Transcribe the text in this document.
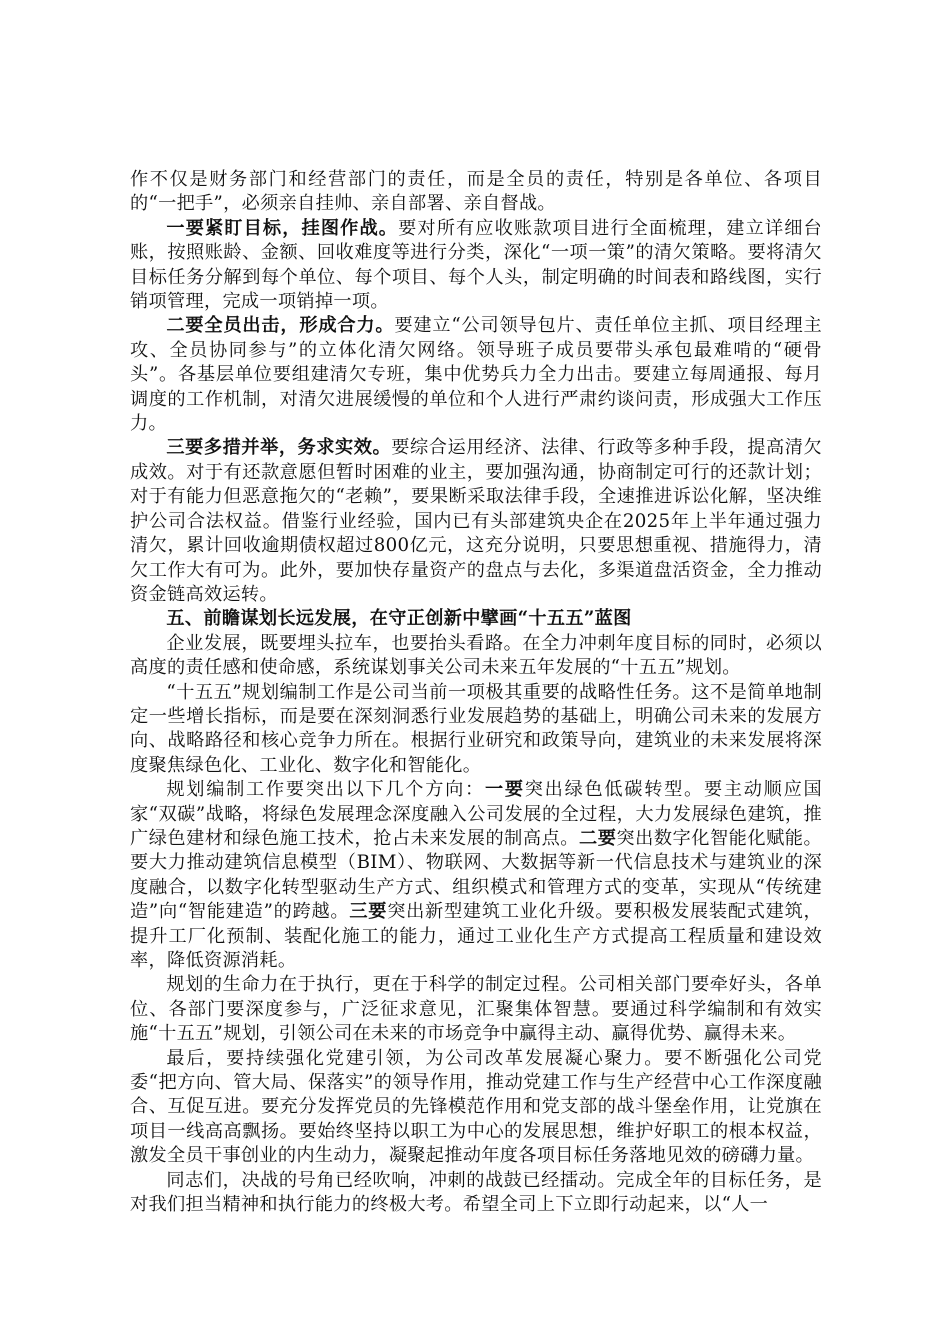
作不仅是财务部门和经营部门的责任，而是全员的责任，特别是各单位、各项目的“一把手”，必须亲自挂帅、亲自部署、亲自督战。

一要紧盯目标，挂图作战。要对所有应收账款项目进行全面梳理，建立详细台账，按照账龄、金额、回收难度等进行分类，深化“一项一策”的清欠策略。要将清欠目标任务分解到每个单位、每个项目、每个人头，制定明确的时间表和路线图，实行销项管理，完成一项销掉一项。

二要全员出击，形成合力。要建立“公司领导包片、责任单位主抓、项目经理主攻、全员协同参与”的立体化清欠网络。领导班子成员要带头承包最难啃的“硬骨头”。各基层单位要组建清欠专班，集中优势兵力全力出击。要建立每周通报、每月调度的工作机制，对清欠进展缓慢的单位和个人进行严肃约谈问责，形成强大工作压力。

三要多措并举，务求实效。要综合运用经济、法律、行政等多种手段，提高清欠成效。对于有还款意愿但暂时困难的业主，要加强沟通，协商制定可行的还款计划；对于有能力但恶意拖欠的“老赖”，要果断采取法律手段，全速推进诉讼化解，坚决维护公司合法权益。借鉴行业经验，国内已有头部建筑央企在2025年上半年通过强力清欠，累计回收逾期债权超过800亿元，这充分说明，只要思想重视、措施得力，清欠工作大有可为。此外，要加快存量资产的盘点与去化，多渠道盘活资金，全力推动资金链高效运转。

五、前瞻谋划长远发展，在守正创新中擘画“十五五”蓝图

企业发展，既要埋头拉车，也要抬头看路。在全力冲刺年度目标的同时，必须以高度的责任感和使命感，系统谋划事关公司未来五年发展的“十五五”规划。

“十五五”规划编制工作是公司当前一项极其重要的战略性任务。这不是简单地制定一些增长指标，而是要在深刻洞悉行业发展趋势的基础上，明确公司未来的发展方向、战略路径和核心竞争力所在。根据行业研究和政策导向，建筑业的未来发展将深度聚焦绿色化、工业化、数字化和智能化。

规划编制工作要突出以下几个方向：一要突出绿色低碳转型。要主动顺应国家“双碳”战略，将绿色发展理念深度融入公司发展的全过程，大力发展绿色建筑，推广绿色建材和绿色施工技术，抢占未来发展的制高点。二要突出数字化智能化赋能。要大力推动建筑信息模型（BIM）、物联网、大数据等新一代信息技术与建筑业的深度融合，以数字化转型驱动生产方式、组织模式和管理方式的变革，实现从“传统建造”向“智能建造”的跨越。三要突出新型建筑工业化升级。要积极发展装配式建筑，提升工厂化预制、装配化施工的能力，通过工业化生产方式提高工程质量和建设效率，降低资源消耗。

规划的生命力在于执行，更在于科学的制定过程。公司相关部门要牵好头，各单位、各部门要深度参与，广泛征求意见，汇聚集体智慧。要通过科学编制和有效实施“十五五”规划，引领公司在未来的市场竞争中赢得主动、赢得优势、赢得未来。

最后，要持续强化党建引领，为公司改革发展凝心聚力。要不断强化公司党委“把方向、管大局、保落实”的领导作用，推动党建工作与生产经营中心工作深度融合、互促互进。要充分发挥党员的先锋模范作用和党支部的战斗堡垒作用，让党旗在项目一线高高飘扬。要始终坚持以职工为中心的发展思想，维护好职工的根本权益，激发全员干事创业的内生动力，凝聚起推动年度各项目标任务落地见效的磅礴力量。

同志们，决战的号角已经吹响，冲刺的战鼓已经擂动。完成全年的目标任务，是对我们担当精神和执行能力的终极大考。希望全司上下立即行动起来，以“人一
